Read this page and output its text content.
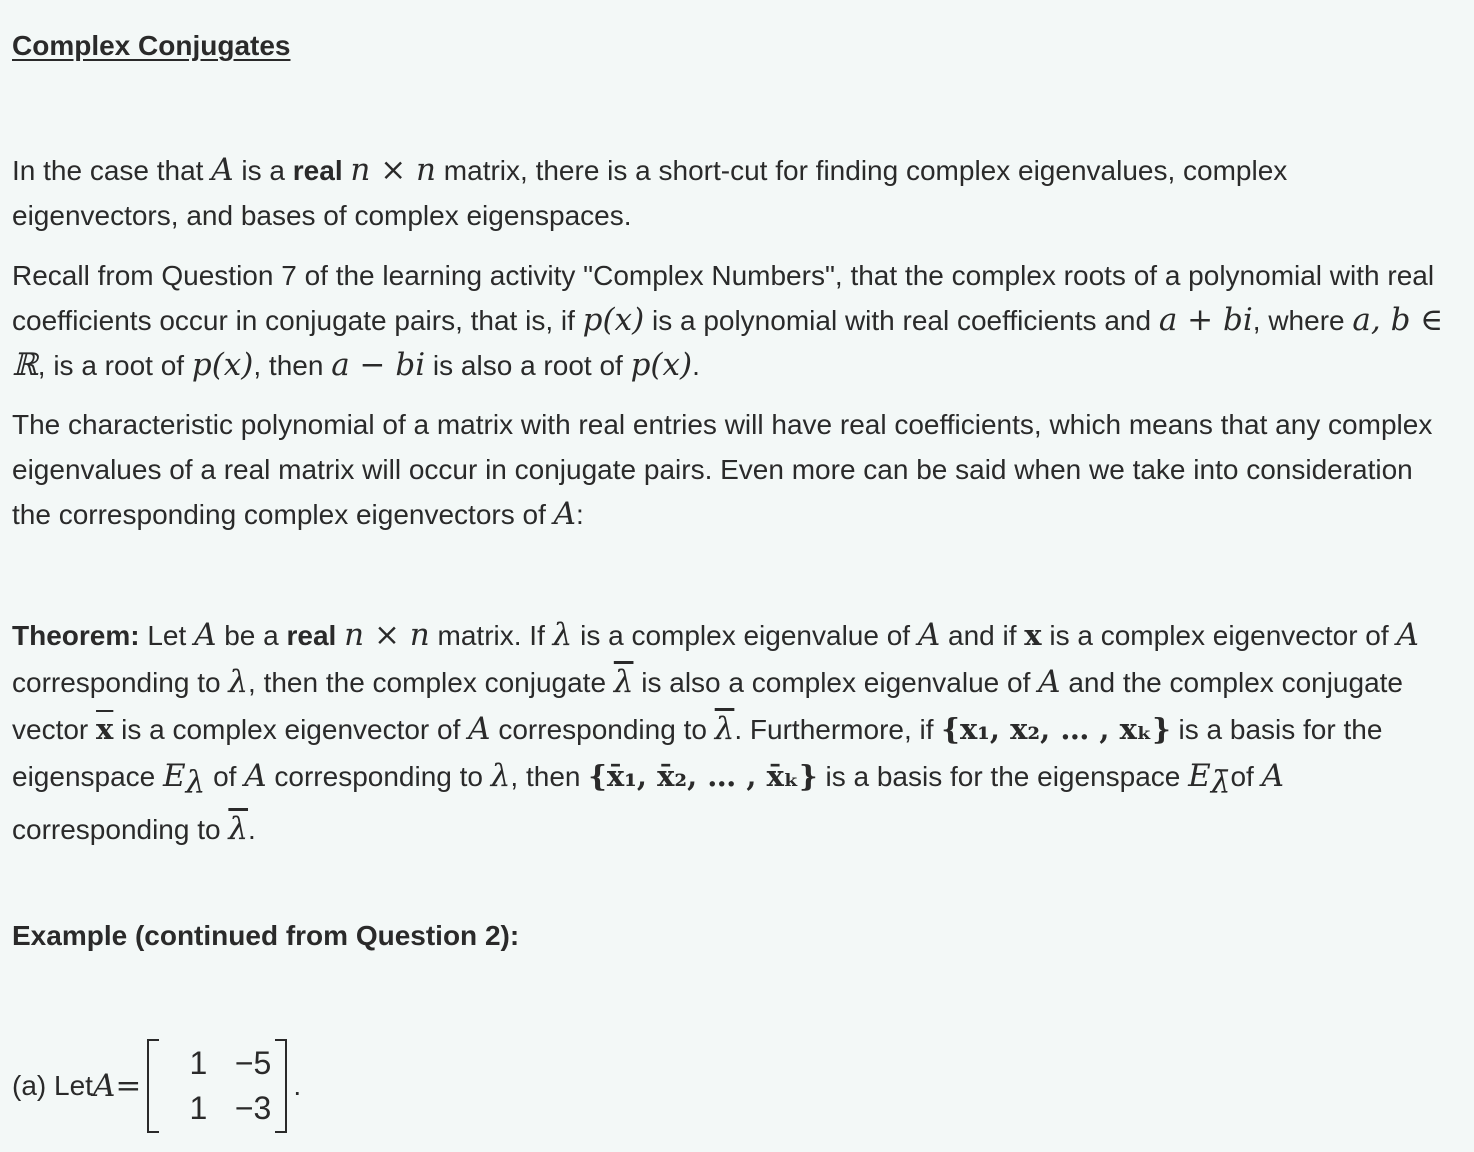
Complex Conjugates

In the case that A is a real n × n matrix, there is a short-cut for finding complex eigenvalues, complex eigenvectors, and bases of complex eigenspaces.

Recall from Question 7 of the learning activity "Complex Numbers", that the complex roots of a polynomial with real coefficients occur in conjugate pairs, that is, if p(x) is a polynomial with real coefficients and a + bi, where a, b ∈ ℝ, is a root of p(x), then a − bi is also a root of p(x).

The characteristic polynomial of a matrix with real entries will have real coefficients, which means that any complex eigenvalues of a real matrix will occur in conjugate pairs. Even more can be said when we take into consideration the corresponding complex eigenvectors of A:

Theorem: Let A be a real n × n matrix. If λ is a complex eigenvalue of A and if x is a complex eigenvector of A corresponding to λ, then the complex conjugate $\overline{\lambda}$ is also a complex eigenvalue of A and the complex conjugate vector $\overline{x}$ is a complex eigenvector of A corresponding to $\overline{\lambda}$. Furthermore, if {x₁, x₂, … , xₖ} is a basis for the eigenspace $E_\lambda$ of A corresponding to λ, then {x̄₁, x̄₂, … , x̄ₖ} is a basis for the eigenspace $E_{\lambdā}of$ A corresponding to $\overline{\lambda}$.

Example (continued from Question 2):
(a) Let A =
1 −5
1 −3
.
